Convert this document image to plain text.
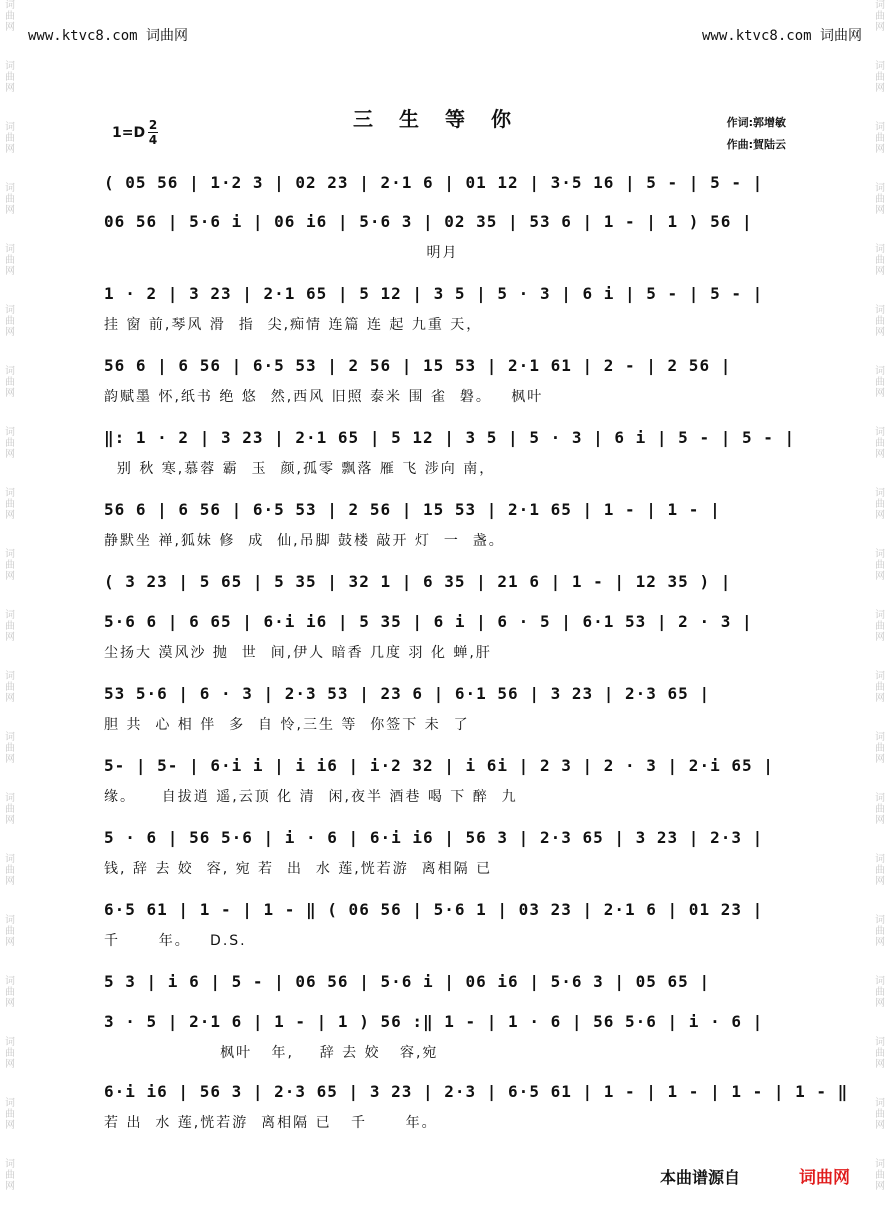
词
曲
网
词
曲
网
词
曲
网
词
曲
网
词
曲
网
词
曲
网
词
曲
网
词
曲
网
词
曲
网
词
曲
网
词
曲
网
词
曲
网
词
曲
网
词
曲
网
词
曲
网
词
曲
网
词
曲
网
词
曲
网
词
曲
网
词
曲
网
词
曲
网
词
曲
网
词
曲
网
词
曲
网
词
曲
网
词
曲
网
词
曲
网
词
曲
网
词
曲
网
词
曲
网
词
曲
网
词
曲
网
词
曲
网
词
曲
网
词
曲
网
词
曲
网
词
曲
网
词
曲
网
词
曲
网
词
曲
网
www.ktvc8.com 词曲网	www.ktvc8.com 词曲网
三生等你
1=D 2
4
作词:郭增敏
作曲:賀陆云
( 05 56 | 1·2 3 | 02 23 | 2·1 6 | 01 12 | 3·5 16 | 5 - | 5 - |
06 56 | 5·6 i | 06 i6 | 5·6 3 | 02 35 | 53 6 | 1 - | 1 ) 56 |
明月
1 · 2 | 3 23 | 2·1 65 | 5 12 | 3 5 | 5 · 3 | 6 i | 5 - | 5 - |
挂 窗 前,琴风 滑  指  尖,痴情 连篇 连 起 九重 天，
56 6 | 6 56 | 6·5 53 | 2 56 | 15 53 | 2·1 61 | 2 - | 2 56 |
韵赋墨 怀,纸书 绝 悠  然,西风 旧照 泰米 围 雀  磐。   枫叶
‖: 1 · 2 | 3 23 | 2·1 65 | 5 12 | 3 5 | 5 · 3 | 6 i | 5 - | 5 - |
别 秋 寒,慕蓉 霸  玉  颜,孤零 飘落 雁 飞 涉向 南，
56 6 | 6 56 | 6·5 53 | 2 56 | 15 53 | 2·1 65 | 1 - | 1 - |
静默坐 禅,狐妹 修  成  仙,吊脚 鼓楼 敲开 灯  一  盏。
( 3 23 | 5 65 | 5 35 | 32 1 | 6 35 | 21 6 | 1 - | 12 35 ) |
5·6 6 | 6 65 | 6·i i6 | 5 35 | 6 i | 6 · 5 | 6·1 53 | 2 · 3 |
尘扬大 漠风沙 抛  世  间,伊人 暗香 几度 羽 化 蝉,肝
53 5·6 | 6 · 3 | 2·3 53 | 23 6 | 6·1 56 | 3 23 | 2·3 65 |
胆 共  心 相 伴  多  自 怜,三生 等  你签下 未  了
5- | 5- | 6·i i | i i6 | i·2 32 | i 6i | 2 3 | 2 · 3 | 2·i 65 |
缘。    自拔逍 遥,云顶 化 清  闲,夜半 酒巷 喝 下 醉  九
5 · 6 | 56 5·6 | i · 6 | 6·i i6 | 56 3 | 2·3 65 | 3 23 | 2·3 |
钱, 辞 去 姣  容, 宛 若  出  水 莲,恍若游  离相隔 已
6·5 61 | 1 - | 1 - ‖ ( 06 56 | 5·6 1 | 03 23 | 2·1 6 | 01 23 |
千      年。   D.S.
5 3 | i 6 | 5 - | 06 56 | 5·6 i | 06 i6 | 5·6 3 | 05 65 |
3 · 5 | 2·1 6 | 1 - | 1 ) 56 :‖ 1 - | 1 · 6 | 56 5·6 | i · 6 |
枫叶   年,    辞 去 姣   容,宛
6·i i6 | 56 3 | 2·3 65 | 3 23 | 2·3 | 6·5 61 | 1 - | 1 - | 1 - | 1 - ‖
若 出  水 莲,恍若游  离相隔 已   千      年。
本曲谱源自	词曲网
